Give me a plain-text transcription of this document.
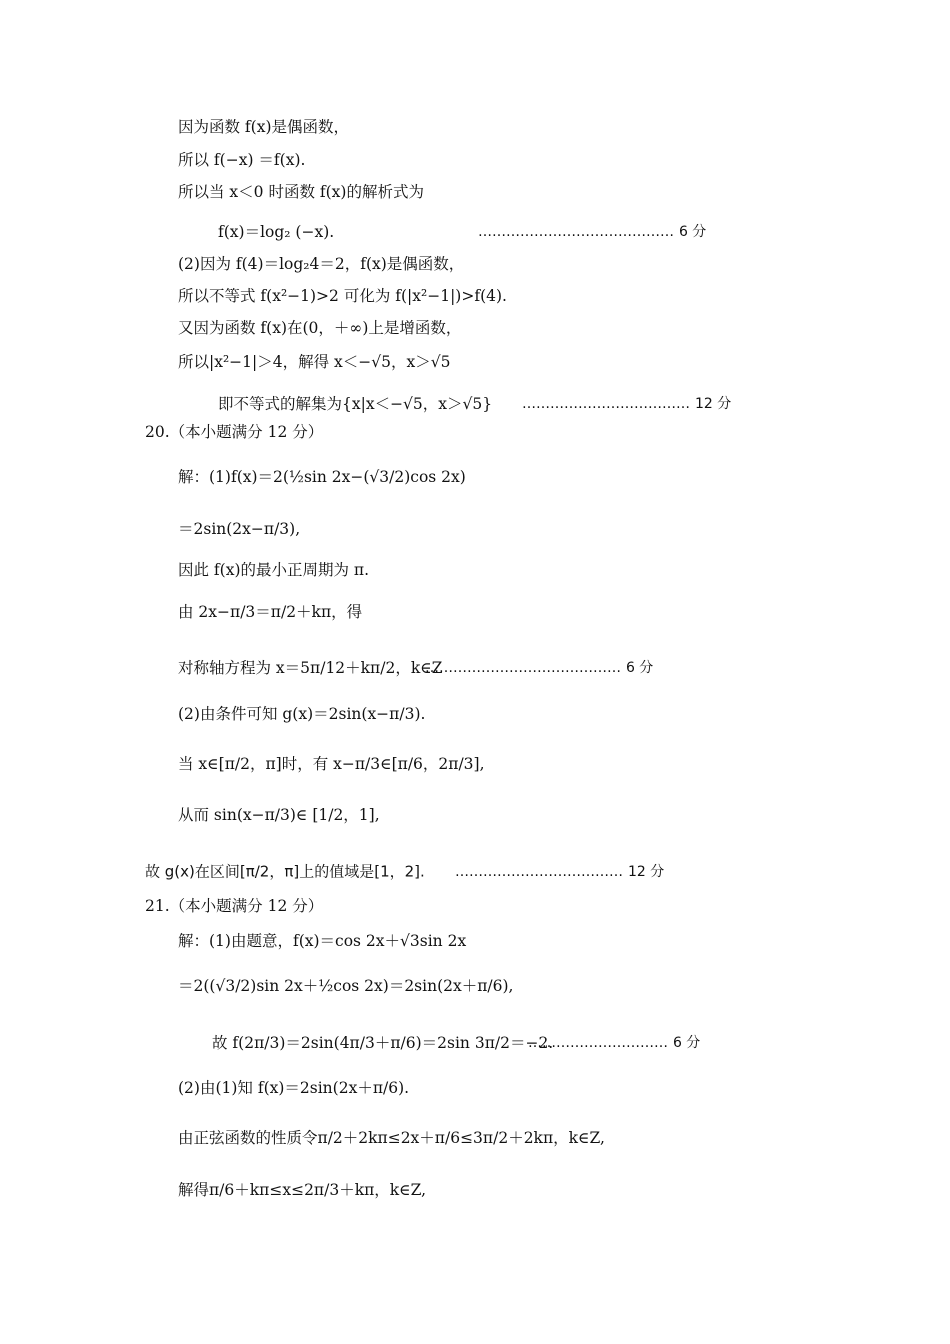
因为函数 f(x)是偶函数，
所以 f(−x) ＝f(x).
所以当 x＜0 时函数 f(x)的解析式为
f(x)＝log₂ (−x).	…………………………………… 6 分
(2)因为 f(4)＝log₂4＝2，f(x)是偶函数，
所以不等式 f(x²−1)>2 可化为 f(|x²−1|)>f(4).
又因为函数 f(x)在(0，＋∞)上是增函数，
所以|x²−1|＞4，解得 x＜−√5，x＞√5
即不等式的解集为{x|x＜−√5，x＞√5} ……………………………… 12 分
20.（本小题满分 12 分）
解：(1)f(x)＝2(½sin 2x−(√3/2)cos 2x)
＝2sin(2x−π/3),
因此 f(x)的最小正周期为 π.
由 2x−π/3＝π/2＋kπ，得
对称轴方程为 x＝5π/12＋kπ/2，k∈Z
…………………………………… 6 分
(2)由条件可知 g(x)＝2sin(x−π/3).
当 x∈[π/2，π]时，有 x−π/3∈[π/6，2π/3],
从而 sin(x−π/3)∈ [1/2，1],
故 g(x)在区间[π/2，π]上的值域是[1，2]. ……………………………… 12 分
21.（本小题满分 12 分）
解：(1)由题意，f(x)＝cos 2x＋√3sin 2x
＝2((√3/2)sin 2x＋½cos 2x)＝2sin(2x＋π/6),
故 f(2π/3)＝2sin(4π/3＋π/6)＝2sin 3π/2＝−2.
………………………… 6 分
(2)由(1)知 f(x)＝2sin(2x＋π/6).
由正弦函数的性质令π/2＋2kπ≤2x＋π/6≤3π/2＋2kπ，k∈Z,
解得π/6＋kπ≤x≤2π/3＋kπ，k∈Z,
